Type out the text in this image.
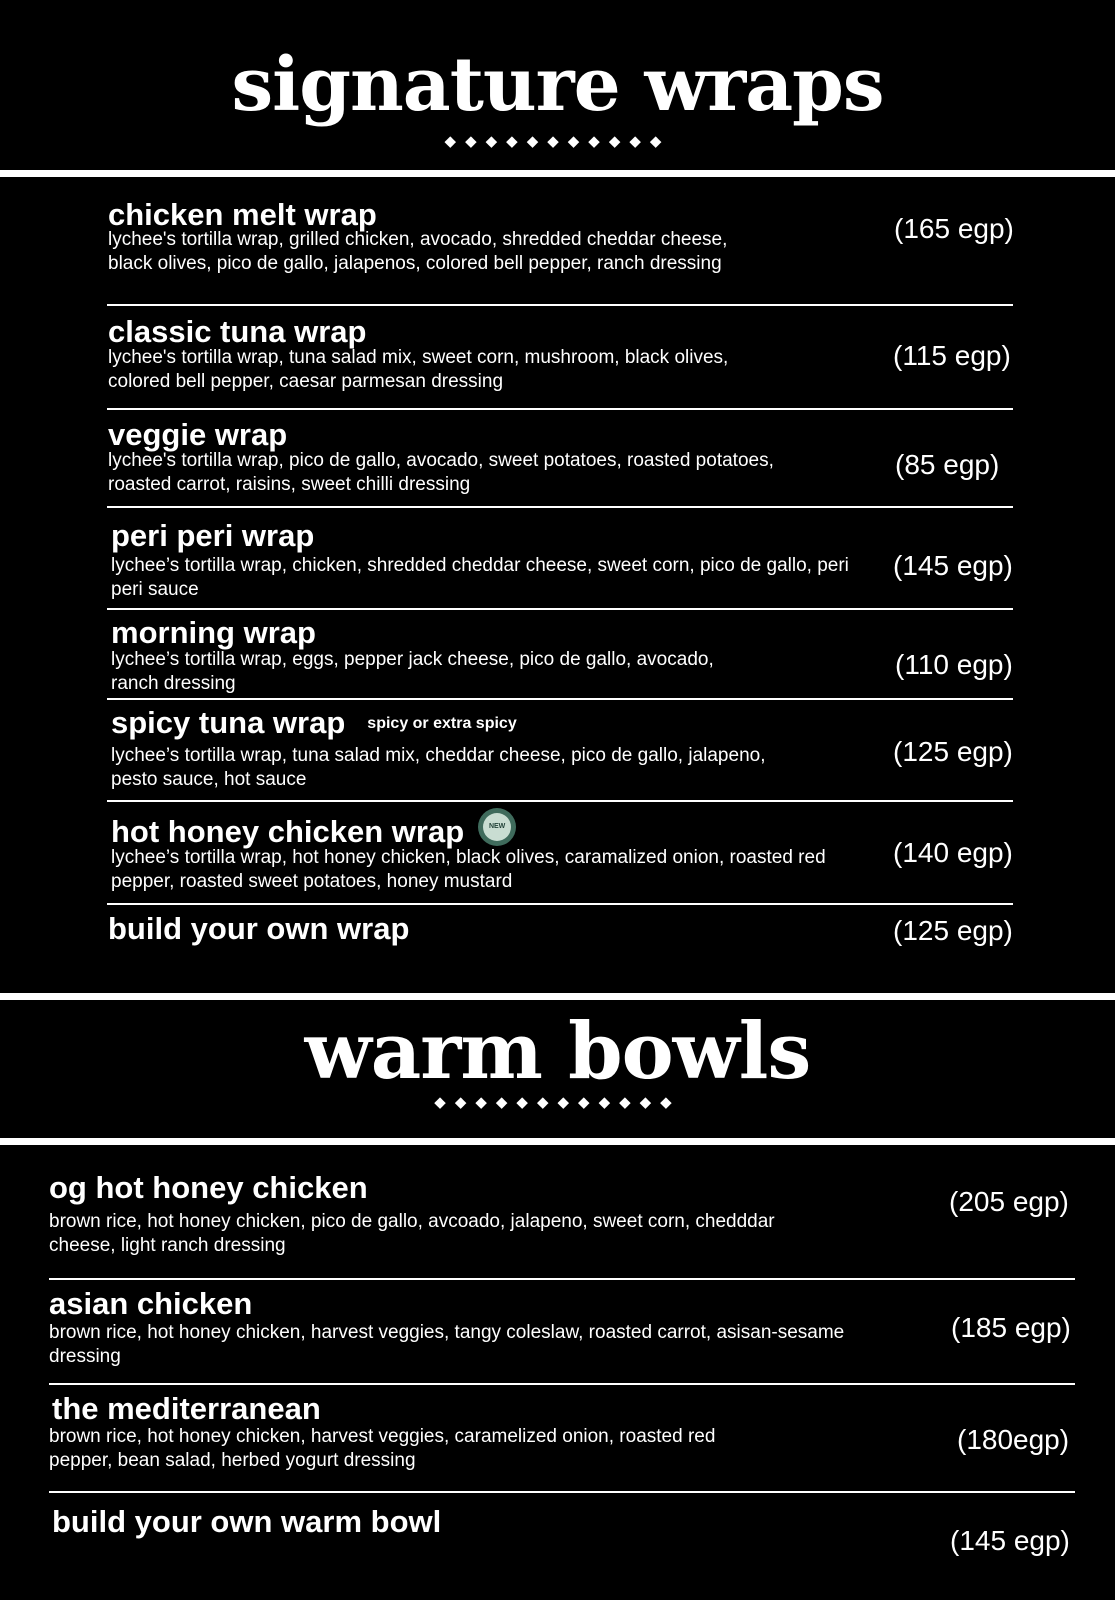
signature wraps
◆◆◆◆◆◆◆◆◆◆◆
chicken melt wrap
lychee's tortilla wrap, grilled chicken, avocado, shredded cheddar cheese, black olives, pico de gallo, jalapenos, colored bell pepper, ranch dressing
(165 egp)
classic tuna wrap
lychee's tortilla wrap, tuna salad mix, sweet corn, mushroom, black olives, colored bell pepper, caesar parmesan dressing
(115 egp)
veggie wrap
lychee's tortilla wrap, pico de gallo, avocado, sweet potatoes, roasted potatoes, roasted carrot, raisins, sweet chilli dressing
(85 egp)
peri peri wrap
lychee’s tortilla wrap, chicken, shredded cheddar cheese, sweet corn, pico de gallo, peri peri sauce
(145 egp)
morning wrap
lychee’s tortilla wrap, eggs, pepper jack cheese, pico de gallo, avocado, ranch dressing
(110 egp)
spicy tuna wrap spicy or extra spicy
lychee’s tortilla wrap, tuna salad mix, cheddar cheese, pico de gallo, jalapeno, pesto sauce, hot sauce
(125 egp)
hot honey chicken wrap	NEW
lychee’s tortilla wrap, hot honey chicken, black olives, caramalized onion, roasted red pepper, roasted sweet potatoes, honey mustard
(140 egp)
build your own wrap	(125 egp)
warm bowls
◆◆◆◆◆◆◆◆◆◆◆◆
og hot honey chicken
brown rice, hot honey chicken, pico de gallo, avcoado, jalapeno, sweet corn, chedddar cheese, light ranch dressing
(205 egp)
asian chicken
brown rice, hot honey chicken, harvest veggies, tangy coleslaw, roasted carrot, asisan-sesame dressing
(185 egp)
the mediterranean
brown rice, hot honey chicken, harvest veggies, caramelized onion, roasted red pepper, bean salad, herbed yogurt dressing
(180egp)
build your own warm bowl
(145 egp)
